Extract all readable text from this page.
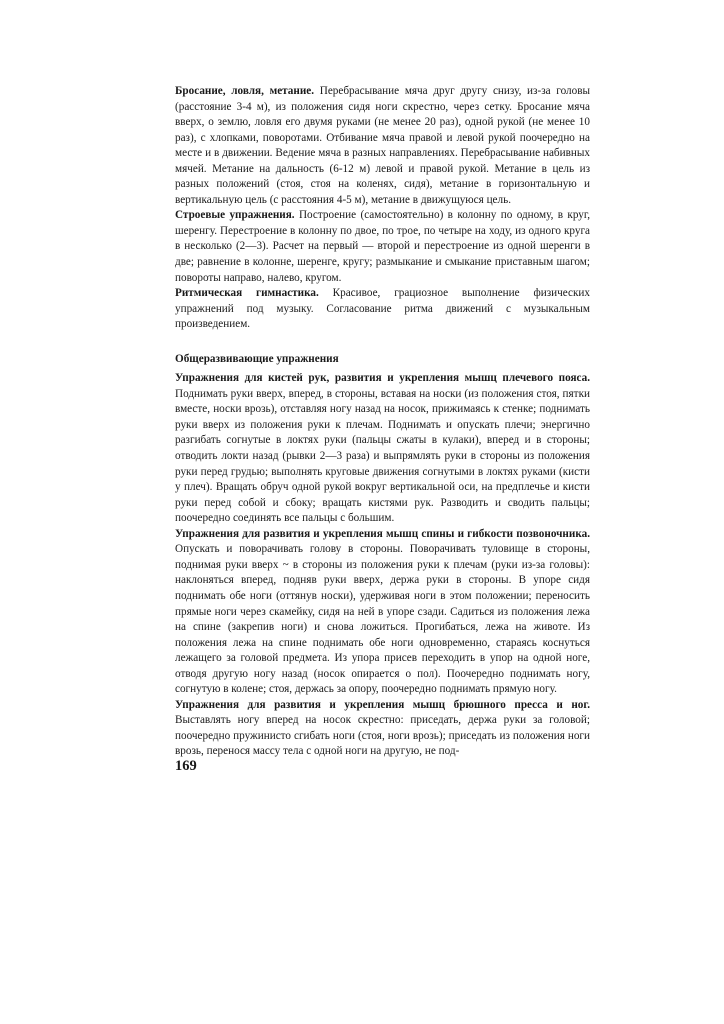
Бросание, ловля, метание. Перебрасывание мяча друг другу снизу, из-за головы (расстояние 3-4 м), из положения сидя ноги скрестно, через сетку. Бросание мяча вверх, о землю, ловля его двумя руками (не менее 20 раз), одной рукой (не менее 10 раз), с хлопками, поворотами. Отбивание мяча правой и левой рукой поочередно на месте и в движении. Ведение мяча в разных направлениях. Перебрасывание набивных мячей. Метание на дальность (6-12 м) левой и правой рукой. Метание в цель из разных положений (стоя, стоя на коленях, сидя), метание в горизонтальную и вертикальную цель (с расстояния 4-5 м), метание в движущуюся цель.

Строевые упражнения. Построение (самостоятельно) в колонну по одному, в круг, шеренгу. Перестроение в колонну по двое, по трое, по четыре на ходу, из одного круга в несколько (2—3). Расчет на первый — второй и перестроение из одной шеренги в две; равнение в колонне, шеренге, кругу; размыкание и смыкание приставным шагом; повороты направо, налево, кругом.

Ритмическая гимнастика. Красивое, грациозное выполнение физических упражнений под музыку. Согласование ритма движений с музыкальным произведением.

Общеразвивающие упражнения

Упражнения для кистей рук, развития и укрепления мышц плечевого пояса. Поднимать руки вверх, вперед, в стороны, вставая на носки (из положения стоя, пятки вместе, носки врозь), отставляя ногу назад на носок, прижимаясь к стенке; поднимать руки вверх из положения руки к плечам. Поднимать и опускать плечи; энергично разгибать согнутые в локтях руки (пальцы сжаты в кулаки), вперед и в стороны; отводить локти назад (рывки 2—3 раза) и выпрямлять руки в стороны из положения руки перед грудью; выполнять круговые движения согнутыми в локтях руками (кисти у плеч). Вращать обруч одной рукой вокруг вертикальной оси, на предплечье и кисти руки перед собой и сбоку; вращать кистями рук. Разводить и сводить пальцы; поочередно соединять все пальцы с большим.

Упражнения для развития и укрепления мышц спины и гибкости позвоночника. Опускать и поворачивать голову в стороны. Поворачивать туловище в стороны, поднимая руки вверх ~ в стороны из положения руки к плечам (руки из-за головы): наклоняться вперед, подняв руки вверх, держа руки в стороны. В упоре сидя поднимать обе ноги (оттянув носки), удерживая ноги в этом положении; переносить прямые ноги через скамейку, сидя на ней в упоре сзади. Садиться из положения лежа на спине (закрепив ноги) и снова ложиться. Прогибаться, лежа на животе. Из положения лежа на спине поднимать обе ноги одновременно, стараясь коснуться лежащего за головой предмета. Из упора присев переходить в упор на одной ноге, отводя другую ногу назад (носок опирается о пол). Поочередно поднимать ногу, согнутую в колене; стоя, держась за опору, поочередно поднимать прямую ногу.

Упражнения для развития и укрепления мышц брюшного пресса и ног. Выставлять ногу вперед на носок скрестно: приседать, держа руки за головой; поочередно пружинисто сгибать ноги (стоя, ноги врозь); приседать из положения ноги врозь, перенося массу тела с одной ноги на другую, не под-

169
